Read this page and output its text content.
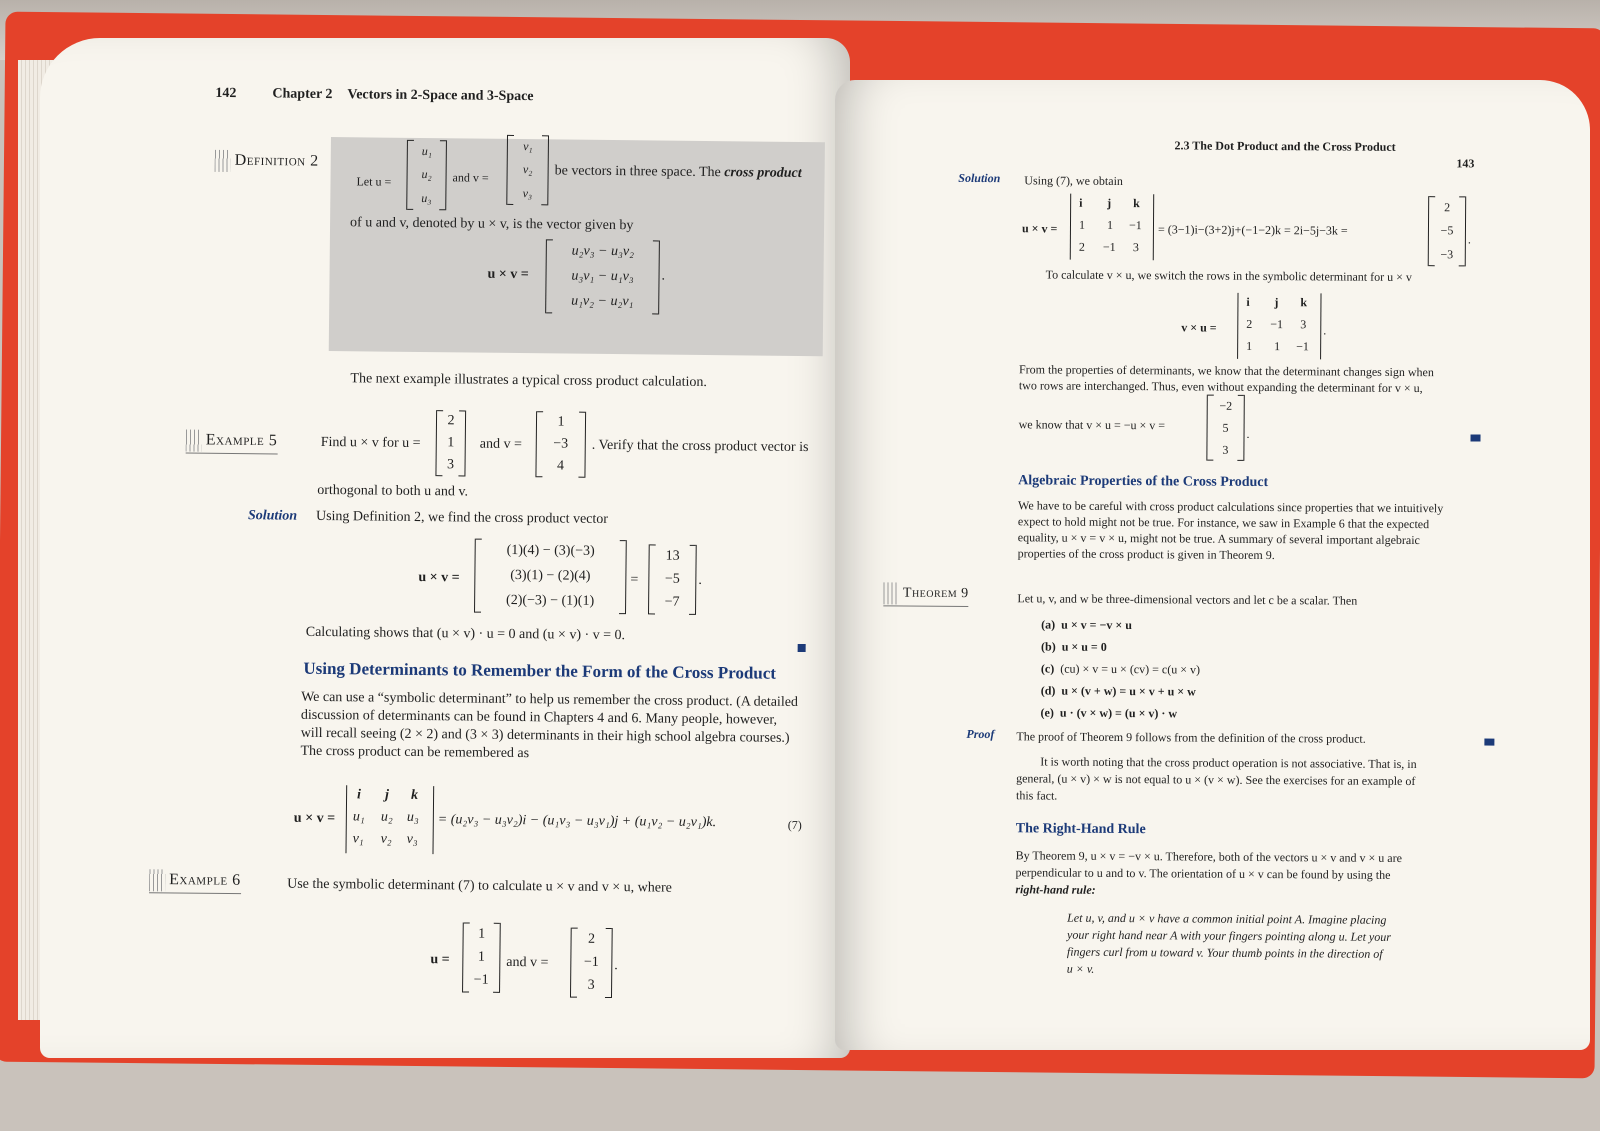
142	Chapter 2 Vectors in 2-Space and 3-Space
Definition 2
Let u =
u₁
u₂
u₃
and v =
v₁
v₂
v₃
be vectors in three space. The cross product
of u and v, denoted by u × v, is the vector given by
u × v =
u₂v₃ − u₃v₂
u₃v₁ − u₁v₃
u₁v₂ − u₂v₁
.
The next example illustrates a typical cross product calculation.
Example 5	Find u × v for u =
2
1
3
and v =
1
−3
4
. Verify that the cross product vector is
orthogonal to both u and v.
Solution Using Definition 2, we find the cross product vector
u × v =
(1)(4) − (3)(−3)
(3)(1) − (2)(4)
(2)(−3) − (1)(1)
=
13
−5
−7
.
Calculating shows that (u × v) · u = 0 and (u × v) · v = 0.
Using Determinants to Remember the Form of the Cross Product
We can use a “symbolic determinant” to help us remember the cross product. (A detailed
discussion of determinants can be found in Chapters 4 and 6. Many people, however,
will recall seeing (2 × 2) and (3 × 3) determinants in their high school algebra courses.)
The cross product can be remembered as
u × v =
i j k
u₁ u₂ u₃
v₁ v₂ v₃
= (u₂v₃ − u₃v₂)i − (u₁v₃ − u₃v₁)j + (u₁v₂ − u₂v₁)k.	(7)
Example 6	Use the symbolic determinant (7) to calculate u × v and v × u, where
u =
1
1
−1
and v =
2
−1
3
.
2.3 The Dot Product and the Cross Product
143
Solution Using (7), we obtain
u × v =
i j k
1 1 −1
2 −1 3
= (3−1)i−(3+2)j+(−1−2)k = 2i−5j−3k =
2
−5
−3
.
To calculate v × u, we switch the rows in the symbolic determinant for u × v
v × u =
i j k
2 −1 3
1 1 −1
.
From the properties of determinants, we know that the determinant changes sign when
two rows are interchanged. Thus, even without expanding the determinant for v × u,
we know that v × u = −u × v =
−2
5
3
.
Algebraic Properties of the Cross Product
We have to be careful with cross product calculations since properties that we intuitively
expect to hold might not be true. For instance, we saw in Example 6 that the expected
equality, u × v = v × u, might not be true. A summary of several important algebraic
properties of the cross product is given in Theorem 9.
Theorem 9	Let u, v, and w be three-dimensional vectors and let c be a scalar. Then
(a) u × v = −v × u
(b) u × u = 0
(c) (cu) × v = u × (cv) = c(u × v)
(d) u × (v + w) = u × v + u × w
(e) u · (v × w) = (u × v) · w
Proof The proof of Theorem 9 follows from the definition of the cross product.
It is worth noting that the cross product operation is not associative. That is, in
general, (u × v) × w is not equal to u × (v × w). See the exercises for an example of
this fact.
The Right-Hand Rule
By Theorem 9, u × v = −v × u. Therefore, both of the vectors u × v and v × u are
perpendicular to u and to v. The orientation of u × v can be found by using the
right-hand rule:
Let u, v, and u × v have a common initial point A. Imagine placing
your right hand near A with your fingers pointing along u. Let your
fingers curl from u toward v. Your thumb points in the direction of
u × v.
